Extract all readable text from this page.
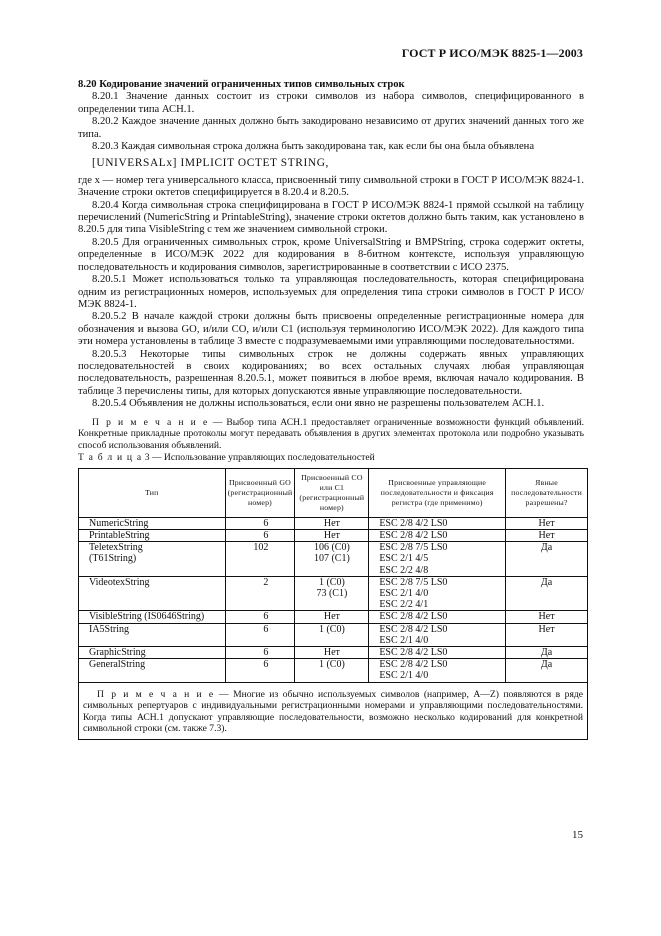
ГОСТ Р ИСО/МЭК 8825-1—2003

8.20 Кодирование значений ограниченных типов символьных строк

8.20.1 Значение данных состоит из строки символов из набора символов, специфицированного в определении типа АСН.1.

8.20.2 Каждое значение данных должно быть закодировано независимо от других значений данных того же типа.

8.20.3 Каждая символьная строка должна быть закодирована так, как если бы она была объявлена

[UNIVERSALx] IMPLICIT OCTET STRING,

где x — номер тега универсального класса, присвоенный типу символьной строки в ГОСТ Р ИСО/МЭК 8824-1. Значение строки октетов специфицируется в 8.20.4 и 8.20.5.

8.20.4 Когда символьная строка специфицирована в ГОСТ Р ИСО/МЭК 8824-1 прямой ссылкой на таблицу перечислений (NumericString и PrintableString), значение строки октетов должно быть таким, как установлено в 8.20.5 для типа VisibleString с тем же значением символьной строки.

8.20.5 Для ограниченных символьных строк, кроме UniversalString и BMPString, строка содержит октеты, определенные в ИСО/МЭК 2022 для кодирования в 8-битном контексте, используя управляющую последовательность и кодирования символов, зарегистрированные в соответствии с ИСО 2375.

8.20.5.1 Может использоваться только та управляющая последовательность, которая специфицирована одним из регистрационных номеров, используемых для определения типа строки символов в ГОСТ Р ИСО/МЭК 8824-1.

8.20.5.2 В начале каждой строки должны быть присвоены определенные регистрационные номера для обозначения и вызова GO, и/или CO, и/или C1 (используя терминологию ИСО/МЭК 2022). Для каждого типа эти номера установлены в таблице 3 вместе с подразумеваемыми ими управляющими последовательностями.

8.20.5.3 Некоторые типы символьных строк не должны содержать явных управляющих последовательностей в своих кодированиях; во всех остальных случаях любая управляющая последовательность, разрешенная 8.20.5.1, может появиться в любое время, включая начало кодирования. В таблице 3 перечислены типы, для которых допускаются явные управляющие последовательности.

8.20.5.4 Объявления не должны использоваться, если они явно не разрешены пользователем АСН.1.

П р и м е ч а н и е — Выбор типа АСН.1 предоставляет ограниченные возможности функций объявлений. Конкретные прикладные протоколы могут передавать объявления в других элементах протокола или подробно указывать способ использования объявлений.

Т а б л и ц а 3 — Использование управляющих последовательностей

Тип	Присвоенный GO (регистрационный номер)	Присвоенный СО или С1 (регистрационный номер)	Присвоенные управляющие последовательности и фиксация регистра (где применимо)	Явные последовательности разрешены?

NumericString	6	Нет	ESC 2/8 4/2 LS0	Нет

PrintableString	6	Нет	ESC 2/8 4/2 LS0	Нет

TeletexString
(T61String)	102	106 (C0)
107 (C1)	ESC 2/8 7/5 LS0
ESC 2/1 4/5
ESC 2/2 4/8	Да

VideotexString	2	1 (C0)
73 (C1)	ESC 2/8 7/5 LS0
ESC 2/1 4/0
ESC 2/2 4/1	Да

VisibleString (IS0646String)	6	Нет	ESC 2/8 4/2 LS0	Нет

IA5String	6	1 (C0)	ESC 2/8 4/2 LS0
ESC 2/1 4/0	Нет

GraphicString	6	Нет	ESC 2/8 4/2 LS0	Да

GeneralString	6	1 (C0)	ESC 2/8 4/2 LS0
ESC 2/1 4/0	Да
П р и м е ч а н и е — Многие из обычно используемых символов (например, A—Z) появляются в ряде символьных репертуаров с индивидуальными регистрационными номерами и управляющими последовательностями. Когда типы АСН.1 допускают управляющие последовательности, возможно несколько кодирований для конкретной символьной строки (см. также 7.3).				
15
